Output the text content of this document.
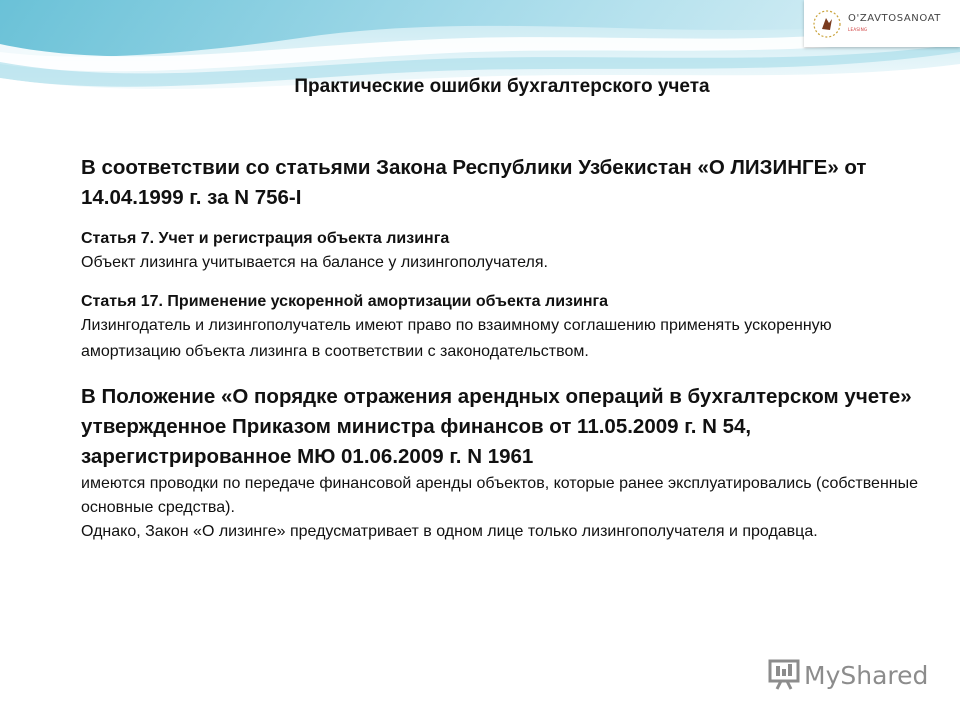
O'ZAVTOSANOAT
LEASING
Практические ошибки бухгалтерского учета

В соответствии со статьями Закона Республики Узбекистан «О ЛИЗИНГЕ» от 14.04.1999 г. за N 756-I

Статья 7. Учет и регистрация объекта лизинга

Объект лизинга учитывается на балансе у лизингополучателя.

Статья 17. Применение ускоренной амортизации объекта лизинга

Лизингодатель и лизингополучатель имеют право по взаимному соглашению применять ускоренную амортизацию объекта лизинга в соответствии с законодательством.

В Положение «О порядке отражения арендных операций в бухгалтерском учете» утвержденное Приказом министра финансов от 11.05.2009 г. N 54, зарегистрированное МЮ 01.06.2009 г. N 1961

имеются проводки по передаче финансовой аренды объектов, которые ранее эксплуатировались (собственные основные средства).

Однако, Закон «О лизинге» предусматривает в одном лице только лизингополучателя и продавца.

MyShared
